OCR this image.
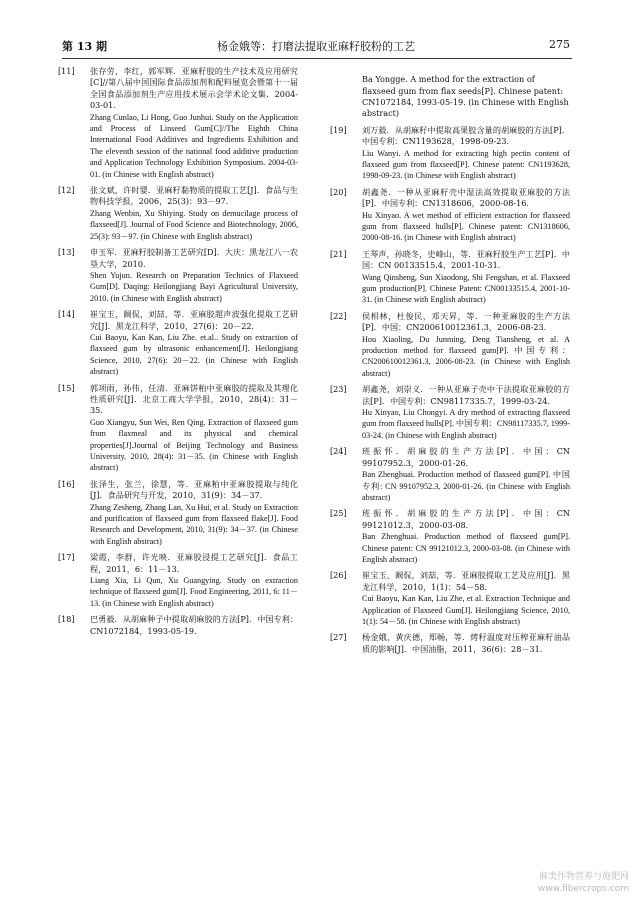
第 13 期	杨金娥等：打磨法提取亚麻籽胶粉的工艺	275
[11] 张存劳，李红，郭军辉．亚麻籽胶的生产技术及应用研究[C]//第八届中国国际食品添加剂和配料展览会暨第十一届全国食品添加剂生产应用技术展示会学术论文集．2004-03-01.

Zhang Cunlao, Li Hong, Guo Junhui. Study on the Application and Process of Linseed Gum[C]//The Eighth China International Food Additives and Ingredients Exhibition and The eleventh session of the national food additive production and Application Technology Exhibition Symposium. 2004-03-01. (in Chinese with English abstract)

[12] 张文斌，许时婴．亚麻籽黏物质的提取工艺[J]．食品与生物科技学报，2006，25(3)：93－97.

Zhang Wenbin, Xu Shiying. Study on demucilage process of flaxseed[J]. Journal of Food Science and Biotechnology, 2006, 25(3): 93－97. (in Chinese with English abstract)

[13] 申玉军．亚麻籽胶制备工艺研究[D]．大庆：黑龙江八一农垦大学，2010.

Shen Yujun. Research on Preparation Technics of Flaxseed Gum[D]. Daqing: Heilongjiang Bayi Agricultural University, 2010. (in Chinese with English abstract)

[14] 崔宝玉，阚侃，刘喆，等．亚麻胶超声波强化提取工艺研究[J]．黑龙江科学，2010，27(6)：20－22.

Cui Baoyu, Kan Kan, Liu Zhe. et.al.. Study on extraction of flaxseed gum by ultrasonic enhancement[J]. Heilongjiang Science, 2010, 27(6): 20－22. (in Chinese with English abstract)

[15] 郭项雨，孙伟，任清．亚麻饼粕中亚麻胶的提取及其理化性质研究[J]．北京工商大学学报，2010，28(4)：31－35.

Guo Xiangyu, Sun Wei, Ren Qing. Extraction of flaxseed gum from flaxmeal and its physical and chemical properties[J].Journal of Beijing Technology and Business University, 2010, 28(4): 31－35. (in Chinese with English abstract)

[16] 张泽生，张兰，徐慧，等．亚麻粕中亚麻胶提取与纯化[J]．食品研究与开发，2010，31(9)：34－37.

Zhang Zesheng, Zhang Lan, Xu Hui, et al. Study on Extraction and purification of flaxseed gum from flaxseed flake[J]. Food Research and Development, 2010, 31(9): 34－37. (in Chinese with English abstract)

[17] 梁霞，李群，许光映．亚麻胶浸提工艺研究[J]．食品工程，2011，6：11－13.

Liang Xia, Li Qun, Xu Guangying. Study on extraction technique of flaxseed gum[J]. Food Engineering, 2011, 6: 11－13. (in Chinese with English abstract)

[18] 巴勇毅．从胡麻种子中提取胡麻胶的方法[P]．中国专利：CN1072184，1993-05-19.

Ba Yongge. A method for the extraction of flaxseed gum from flax seeds[P]. Chinese patent: CN1072184, 1993-05-19. (in Chinese with English abstract)

[19] 刘万毅．从胡麻籽中提取高果胶含量的胡麻胶的方法[P]．中国专利：CN1193628，1998-09-23.

Liu Wanyi. A method for extracting high pectin content of flaxseed gum from flaxseed[P]. Chinese patent: CN1193628, 1998-09-23. (in Chinese with English abstract)

[20] 胡鑫尧．一种从亚麻籽壳中湿法高效提取亚麻胶的方法[P]．中国专利：CN1318606，2000-08-16.

Hu Xinyao. A wet method of efficient extraction for flaxseed gum from flaxseed hulls[P]. Chinese patent: CN1318606, 2000-08-16. (in Chinese with English abstract)

[21] 王琴声，孙晓冬，史峰山，等．亚麻籽胶生产工艺[P]．中国：CN 00133515.4，2001-10-31.

Wang Qinsheng, Sun Xiaodong, Shi Fengshan, et al. Flaxseed gum production[P]. Chinese Patent: CN00133515.4, 2001-10-31. (in Chinese with English abstract)

[22] 侯相林，杜俊民，邓天昇，等．一种亚麻胶的生产方法[P]．中国：CN200610012361.3，2006-08-23.

Hou Xiaoling, Du Junming, Deng Tiansheng, et al. A production method for flaxseed gum[P]. 中国专利：CN200610012361.3, 2006-08-23. (in Chinese with English abstract)

[23] 胡鑫尧，刘崇义．一种从亚麻子壳中干法提取亚麻胶的方法[P]．中国专利：CN98117335.7，1999-03-24.

Hu Xinyao, Liu Chongyi. A dry method of extracting flaxseed gum from flaxseed hulls[P]. 中国专利：CN98117335.7, 1999-03-24. (in Chinese with English abstract)

[24] 班振怀．胡麻胶的生产方法[P]．中国：CN 99107952.3，2000-01-26.

Ban Zhenghuai. Production method of flaxseed gum[P]. 中国专利: CN 99107952.3, 2000-01-26. (in Chinese with English abstract)

[25] 班振怀．胡麻胶的生产方法[P]．中国：CN 99121012.3，2000-03-08.

Ban Zhenghuai. Production method of flaxseed gum[P]. Chinese patent: CN 99121012.3, 2000-03-08. (in Chinese with English abstract)

[26] 崔宝玉，阚侃，刘喆，等．亚麻胶提取工艺及应用[J]．黑龙江科学，2010，1(1)：54－58.

Cui Baoyu, Kan Kan, Liu Zhe, et al. Extraction Technique and Application of Flaxseed Gum[J]. Heilongjiang Science, 2010, 1(1): 54－58. (in Chinese with English abstract)

[27] 杨金娥，黄庆德，郑畅，等．烤籽温度对压榨亚麻籽油品质的影响[J]．中国油脂，2011，36(6)：28－31.

麻类作物营养与施肥网 www.fibercrops.com
